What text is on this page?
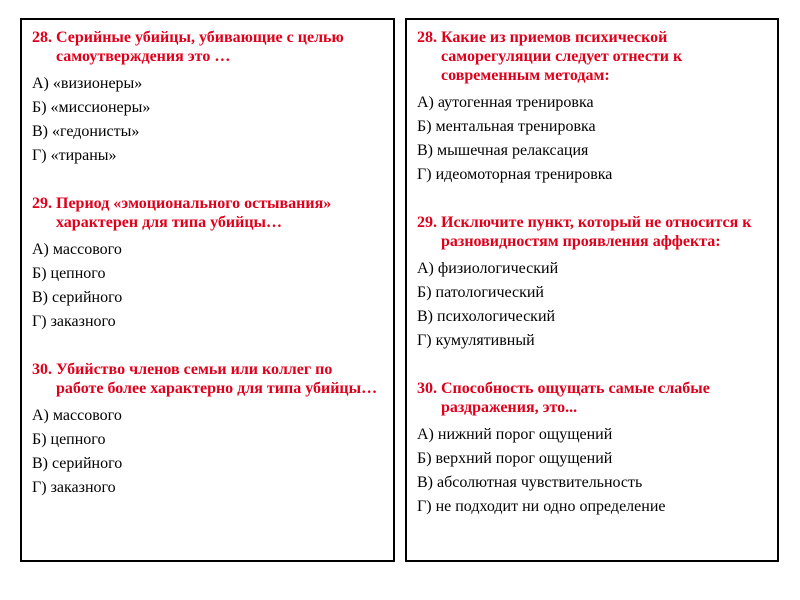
28.
Серийные убийцы, убивающие с целью самоутверждения это …
А) «визионеры»
Б) «миссионеры»
В) «гедонисты»
Г) «тираны»
29.
Период «эмоционального остывания» характерен для типа убийцы…
А) массового
Б) цепного
В) серийного
Г) заказного
30.
Убийство членов семьи или коллег по работе более характерно для типа убийцы…
А) массового
Б) цепного
В) серийного
Г) заказного
28.
Какие из приемов психической саморегуляции следует отнести к современным методам:
А) аутогенная тренировка
Б) ментальная тренировка
В) мышечная релаксация
Г) идеомоторная тренировка
29.
Исключите пункт, который не относится к разновидностям проявления аффекта:
А) физиологический
Б) патологический
В) психологический
Г) кумулятивный
30.
Способность ощущать самые слабые раздражения, это...
А) нижний порог ощущений
Б) верхний порог ощущений
В) абсолютная чувствительность
Г) не подходит ни одно определение
